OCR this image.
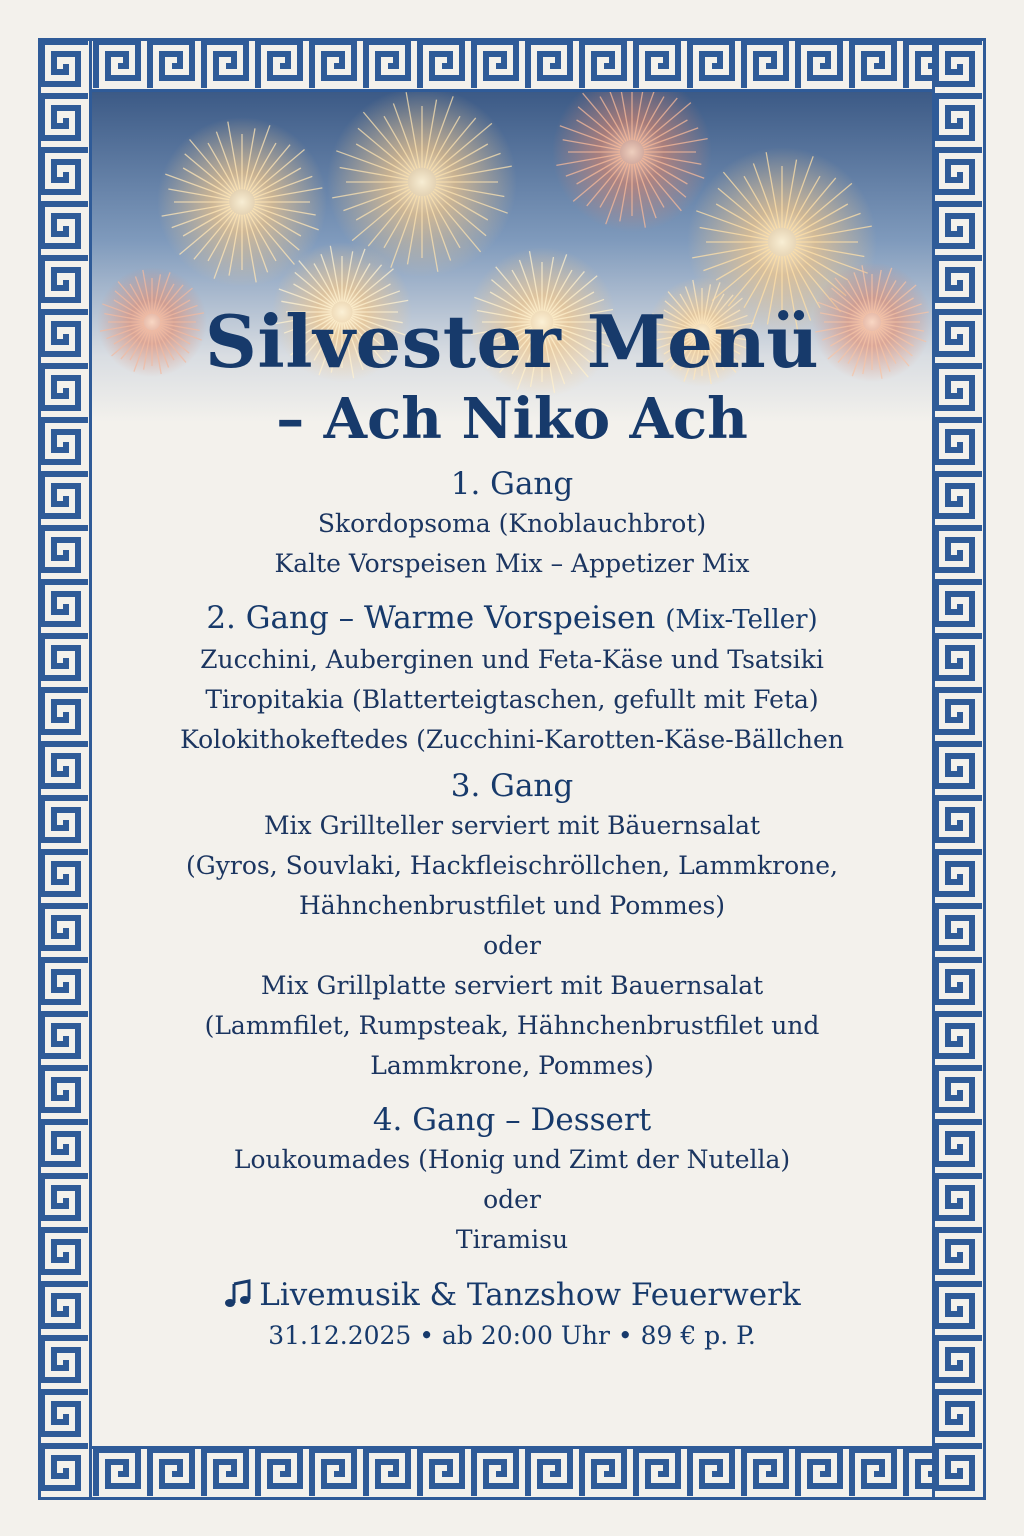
Silvester Menü
– Ach Niko Ach

1. Gang

Skordopsoma (Knoblauchbrot)

Kalte Vorspeisen Mix – Appetizer Mix

2. Gang – Warme Vorspeisen (Mix-Teller)

Zucchini, Auberginen und Feta-Käse und Tsatsiki

Tiropitakia (Blatterteigtaschen, gefullt mit Feta)

Kolokithokeftedes (Zucchini-Karotten-Käse-Bällchen

3. Gang

Mix Grillteller serviert mit Bäuernsalat

(Gyros, Souvlaki, Hackfleischröllchen, Lammkrone,

Hähnchenbrustfilet und Pommes)

oder

Mix Grillplatte serviert mit Bauernsalat

(Lammfilet, Rumpsteak, Hähnchenbrustfilet und

Lammkrone, Pommes)

4. Gang – Dessert

Loukoumades (Honig und Zimt der Nutella)

oder

Tiramisu

Livemusik & Tanzshow Feuerwerk

31.12.2025 • ab 20:00 Uhr • 89 € p. P.
